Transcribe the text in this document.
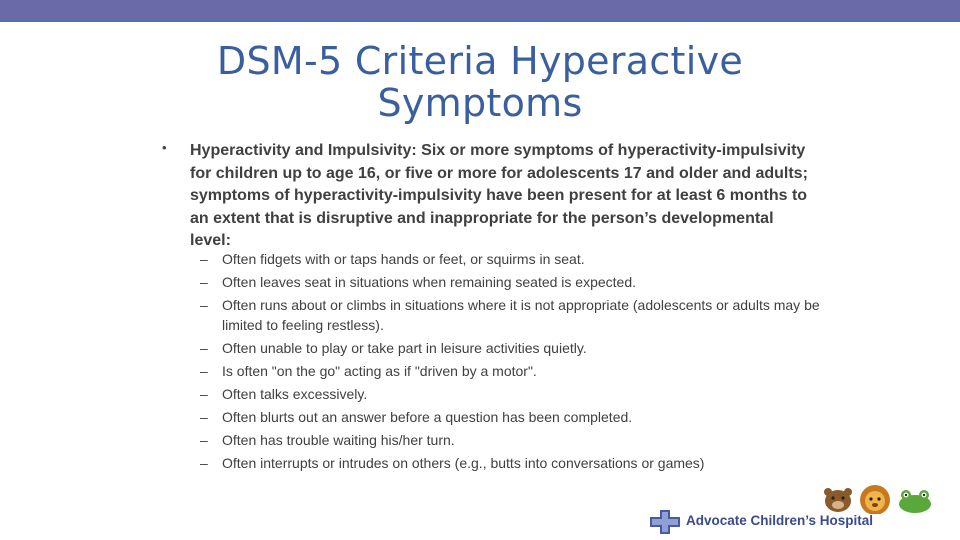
DSM-5 Criteria Hyperactive Symptoms
• Hyperactivity and Impulsivity: Six or more symptoms of hyperactivity-impulsivity for children up to age 16, or five or more for adolescents 17 and older and adults; symptoms of hyperactivity-impulsivity have been present for at least 6 months to an extent that is disruptive and inappropriate for the person’s developmental level:
– Often fidgets with or taps hands or feet, or squirms in seat.
– Often leaves seat in situations when remaining seated is expected.
– Often runs about or climbs in situations where it is not appropriate (adolescents or adults may be limited to feeling restless).
– Often unable to play or take part in leisure activities quietly.
– Is often "on the go" acting as if "driven by a motor".
– Often talks excessively.
– Often blurts out an answer before a question has been completed.
– Often has trouble waiting his/her turn.
– Often interrupts or intrudes on others (e.g., butts into conversations or games)
Advocate Children’s Hospital
